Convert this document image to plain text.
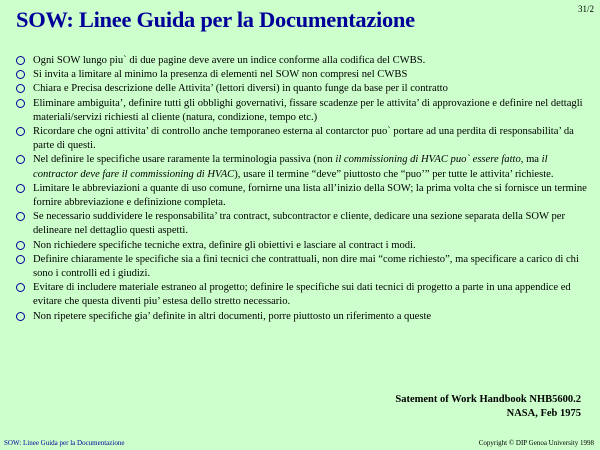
31/2
SOW: Linee Guida per la Documentazione
Ogni SOW lungo piu` di due pagine deve avere un indice conforme alla codifica del CWBS.
Si invita a limitare al minimo la presenza di elementi nel SOW non compresi nel CWBS
Chiara e Precisa descrizione delle Attivita’ (lettori diversi) in quanto funge da base per il contratto
Eliminare ambiguita’, definire tutti gli obblighi governativi, fissare scadenze per le attivita’ di approvazione e definire nel dettagli materiali/servizi richiesti al cliente (natura, condizione, tempo etc.)
Ricordare che ogni attivita’ di controllo anche temporaneo esterna al contarctor puo` portare ad una perdita di responsabilita’ da parte di questi.
Nel definire le specifiche usare raramente la terminologia passiva (non il commissioning di HVAC puo` essere fatto, ma il contractor deve fare il commissioning di HVAC), usare il termine “deve” piuttosto che “puo’” per tutte le attivita’ richieste.
Limitare le abbreviazioni a quante di uso comune, fornirne una lista all’inizio della SOW; la prima volta che si fornisce un termine fornire abbreviazione e definizione completa.
Se necessario suddividere le responsabilita’ tra contract, subcontractor e cliente, dedicare una sezione separata della SOW per delineare nel dettaglio questi aspetti.
Non richiedere specifiche tecniche extra, definire gli obiettivi e lasciare al contract i modi.
Definire chiaramente le specifiche sia a fini tecnici che contrattuali, non dire mai “come richiesto”, ma specificare a carico di chi sono i controlli ed i giudizi.
Evitare di includere materiale estraneo al progetto; definire le specifiche sui dati tecnici di progetto a parte in una appendice ed evitare che questa diventi piu’ estesa dello stretto necessario.
Non ripetere specifiche gia’ definite in altri documenti, porre piuttosto un riferimento a queste
Satement of Work Handbook NHB5600.2
NASA, Feb 1975
SOW: Linee Guida per la Documentazione	Copyright © DIP Genoa University 1998
